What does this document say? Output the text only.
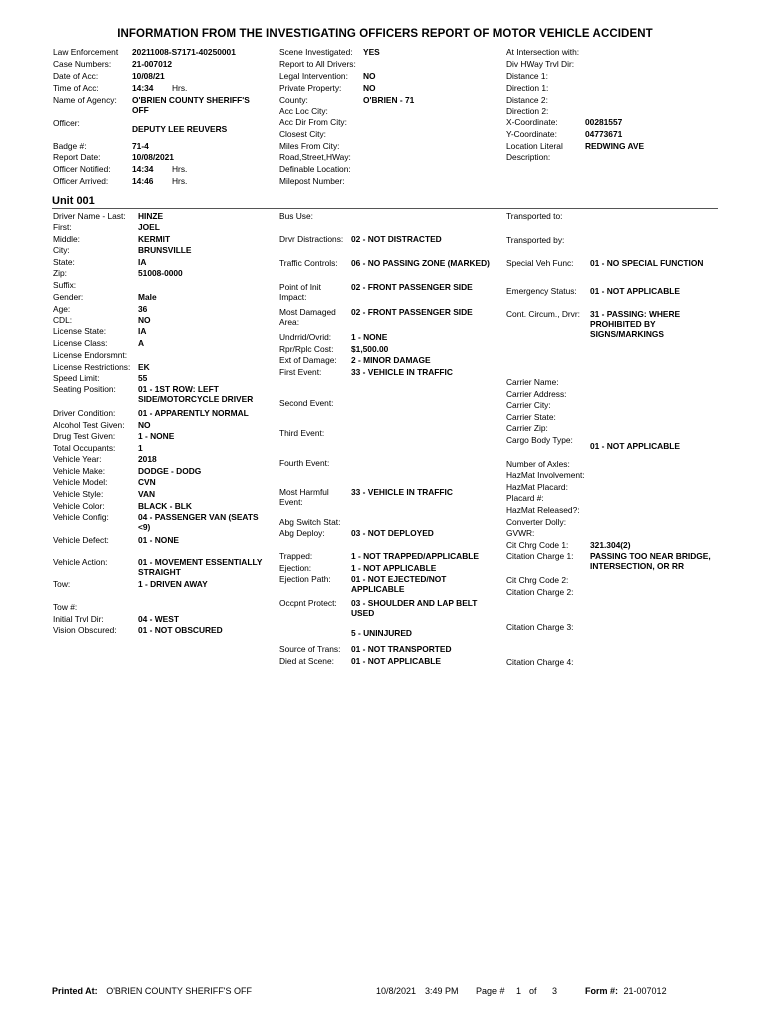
INFORMATION FROM THE INVESTIGATING OFFICERS REPORT OF MOTOR VEHICLE ACCIDENT
Law Enforcement 20211008-S7171-40250001
Case Numbers: 21-007012
Date of Acc:	10/08/21
Time of Acc:	14:34	Hrs.
Name of Agency: O'BRIEN COUNTY SHERIFF'S OFF
Officer:
DEPUTY LEE REUVERS
Badge #:	71-4
Report Date:	10/08/2021
Officer Notified:	14:34	Hrs.
Officer Arrived:	14:46	Hrs.
Scene Investigated: YES
Report to All Drivers:
Legal Intervention: NO
Private Property:	NO
County:	O'BRIEN - 71
Acc Loc City:
Acc Dir From City:
Closest City:
Miles From City:
Road,Street,HWay:
Definable Location:
Milepost Number:
At Intersection with:
Div HWay Trvl Dir:
Distance 1:
Direction 1:
Distance 2:
Direction 2:
X-Coordinate:	00281557
Y-Coordinate:	04773671
Location Literal	REDWING AVE
Description:
Unit 001
Driver Name - Last: HINZE
First:	JOEL
Middle:	KERMIT
City:	BRUNSVILLE
State:	IA
Zip:	51008-0000
Suffix:
Gender:	Male
Age:	36
CDL:	NO
License State:	IA
License Class:	A
License Endorsmnt:
License Restrictions: EK
Speed Limit:	55
Seating Position:	01 - 1ST ROW: LEFT SIDE/MOTORCYCLE DRIVER
Driver Condition:	01 - APPARENTLY NORMAL
Alcohol Test Given: NO
Drug Test Given:	1 - NONE
Total Occupants:	1
Vehicle Year:	2018
Vehicle Make:	DODGE - DODG
Vehicle Model:	CVN
Vehicle Style:	VAN
Vehicle Color:	BLACK - BLK
Vehicle Config:	04 - PASSENGER VAN (SEATS <9)
Vehicle Defect:	01 - NONE
Vehicle Action:	01 - MOVEMENT ESSENTIALLY STRAIGHT
Tow:	1 - DRIVEN AWAY
Tow #:
Initial Trvl Dir:	04 - WEST
Vision Obscured:	01 - NOT OBSCURED
Bus Use:
Drvr Distractions: 02 - NOT DISTRACTED
Traffic Controls:	06 - NO PASSING ZONE (MARKED)
Point of Init Impact:
02 - FRONT PASSENGER SIDE
Most Damaged Area:
02 - FRONT PASSENGER SIDE
Undrrid/Ovrid:	1 - NONE
Rpr/Rplc Cost:	$1,500.00
Ext of Damage:	2 - MINOR DAMAGE
First Event:	33 - VEHICLE IN TRAFFIC
Second Event:
Third Event:
Fourth Event:
Most Harmful Event:
33 - VEHICLE IN TRAFFIC
Abg Switch Stat:
Abg Deploy:	03 - NOT DEPLOYED
Trapped:	1 - NOT TRAPPED/APPLICABLE
Ejection:	1 - NOT APPLICABLE
Ejection Path:	01 - NOT EJECTED/NOT APPLICABLE
Occpnt Protect:	03 - SHOULDER AND LAP BELT USED
5 - UNINJURED
Source of Trans:	01 - NOT TRANSPORTED
Died at Scene:	01 - NOT APPLICABLE
Transported to:
Transported by:
Special Veh Func: 01 - NO SPECIAL FUNCTION
Emergency Status: 01 - NOT APPLICABLE
Cont. Circum., Drvr: 31 - PASSING: WHERE PROHIBITED BY SIGNS/MARKINGS
Carrier Name:
Carrier Address:
Carrier City:
Carrier State:
Carrier Zip:
Cargo Body Type:
01 - NOT APPLICABLE
Number of Axles:
HazMat Involvement:
HazMat Placard:
Placard #:
HazMat Released?:
Converter Dolly:
GVWR:
Cit Chrg Code 1:	321.304(2)
Citation Charge 1: PASSING TOO NEAR BRIDGE, INTERSECTION, OR RR
Cit Chrg Code 2:
Citation Charge 2:
Citation Charge 3:
Citation Charge 4:
Printed At: O'BRIEN COUNTY SHERIFF'S OFF	10/8/2021 3:49 PM Page # 1 of 3	Form #: 21-007012
